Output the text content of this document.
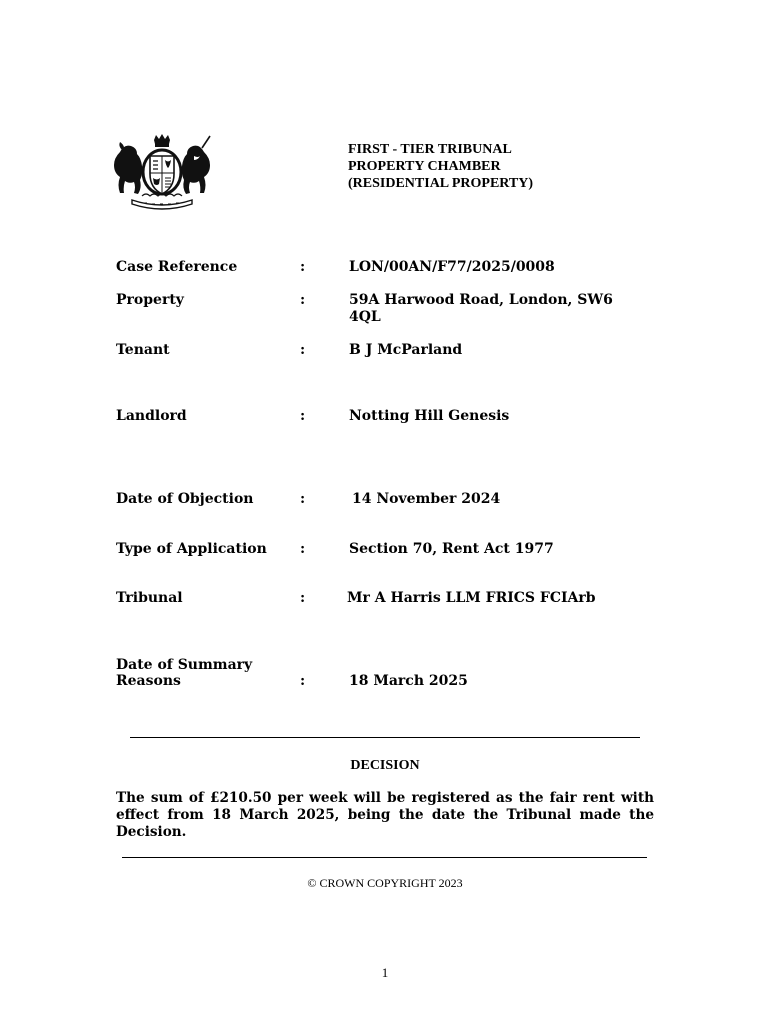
FIRST - TIER TRIBUNAL
PROPERTY CHAMBER
(RESIDENTIAL PROPERTY)
Case Reference	:	LON/00AN/F77/2025/0008
Property	:	59A Harwood Road, London, SW6
4QL
Tenant	:	B J McParland
Landlord	:	Notting Hill Genesis
Date of Objection	:	14 November 2024
Type of Application :	Section 70, Rent Act 1977
Tribunal	:	Mr A Harris LLM FRICS FCIArb
Date of Summary
Reasons	:	18 March 2025
DECISION
The sum of £210.50 per week will be registered as the fair rent with effect from 18 March 2025, being the date the Tribunal made the Decision.
© CROWN COPYRIGHT 2023
1
